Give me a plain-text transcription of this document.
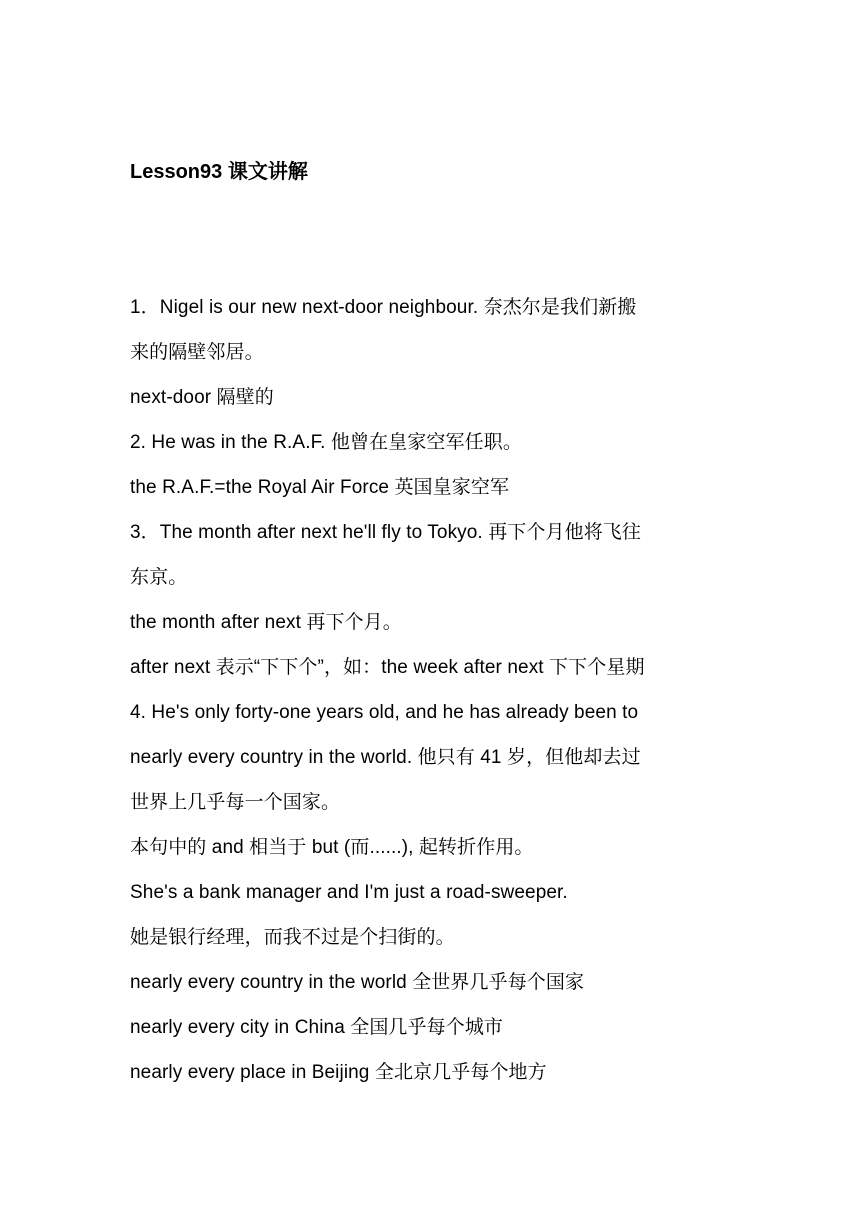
Lesson93 课文讲解
1．Nigel is our new next-door neighbour. 奈杰尔是我们新搬
来的隔壁邻居。
next-door 隔壁的
2. He was in the R.A.F. 他曾在皇家空军任职。
the R.A.F.=the Royal Air Force 英国皇家空军
3．The month after next he'll fly to Tokyo. 再下个月他将飞往
东京。
the month after next 再下个月。
after next 表示“下下个”，如：the week after next 下下个星期
4. He's only forty-one years old, and he has already been to
nearly every country in the world. 他只有 41 岁，但他却去过
世界上几乎每一个国家。
本句中的 and 相当于 but (而......), 起转折作用。
She's a bank manager and I'm just a road-sweeper.
她是银行经理，而我不过是个扫街的。
nearly every country in the world 全世界几乎每个国家
nearly every city in China 全国几乎每个城市
nearly every place in Beijing 全北京几乎每个地方
